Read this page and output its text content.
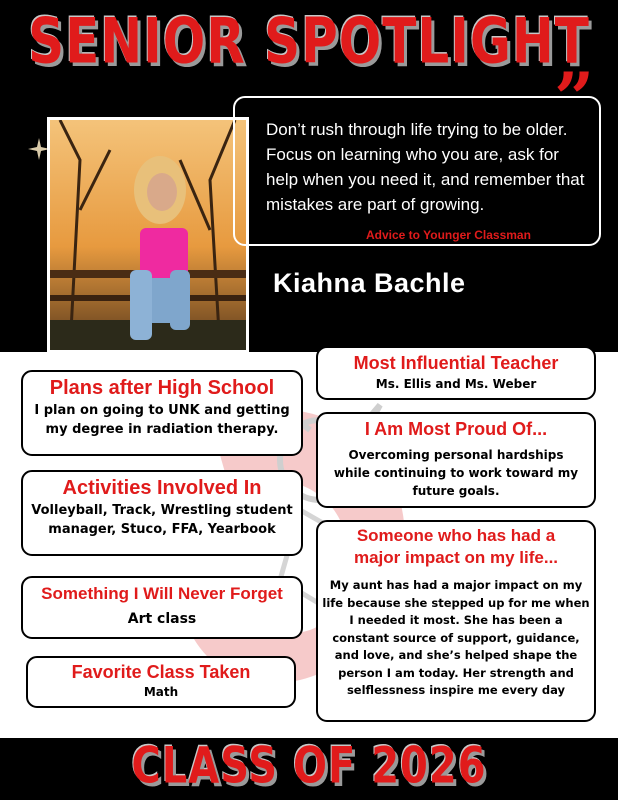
SENIOR SPOTLIGHT
”
Don’t rush through life trying to be older. Focus on learning who you are, ask for help when you need it, and remember that mistakes are part of growing.
Advice to Younger Classman
Kiahna Bachle
Plans after High School
I plan on going to UNK and getting my degree in radiation therapy.
Activities Involved In
Volleyball, Track, Wrestling student manager, Stuco, FFA, Yearbook
Something I Will Never Forget
Art class
Favorite Class Taken
Math
Most Influential Teacher
Ms. Ellis and Ms. Weber
I Am Most Proud Of...
Overcoming personal hardships while continuing to work toward my future goals.
Someone who has had a major impact on my life...
My aunt has had a major impact on my life because she stepped up for me when I needed it most. She has been a constant source of support, guidance, and love, and she’s helped shape the person I am today. Her strength and selflessness inspire me every day
CLASS OF 2026
